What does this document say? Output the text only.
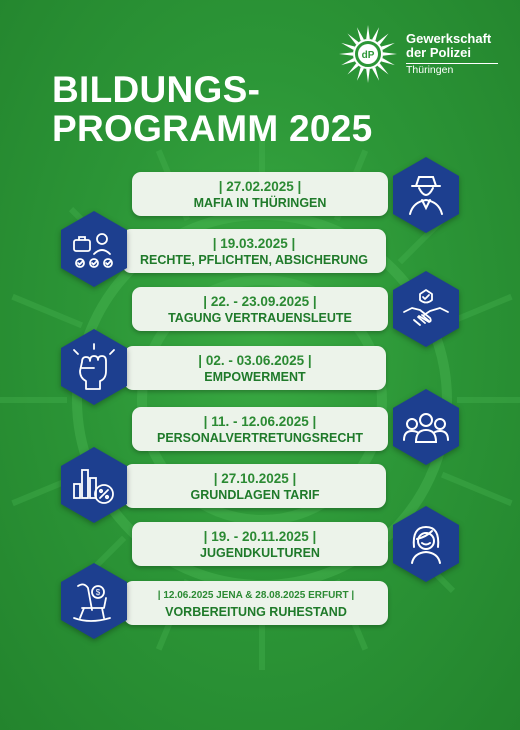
dP
Gewerkschaft
der Polizei
Thüringen
BILDUNGS-
PROGRAMM 2025
| 27.02.2025 |
MAFIA IN THÜRINGEN
| 19.03.2025 |
RECHTE, PFLICHTEN, ABSICHERUNG
| 22. - 23.09.2025 |
TAGUNG VERTRAUENSLEUTE
| 02. - 03.06.2025 |
EMPOWERMENT
| 11. - 12.06.2025 |
PERSONALVERTRETUNGSRECHT
| 27.10.2025 |
GRUNDLAGEN TARIF
| 19. - 20.11.2025 |
JUGENDKULTUREN
| 12.06.2025 JENA & 28.08.2025 ERFURT |
VORBEREITUNG RUHESTAND
$
